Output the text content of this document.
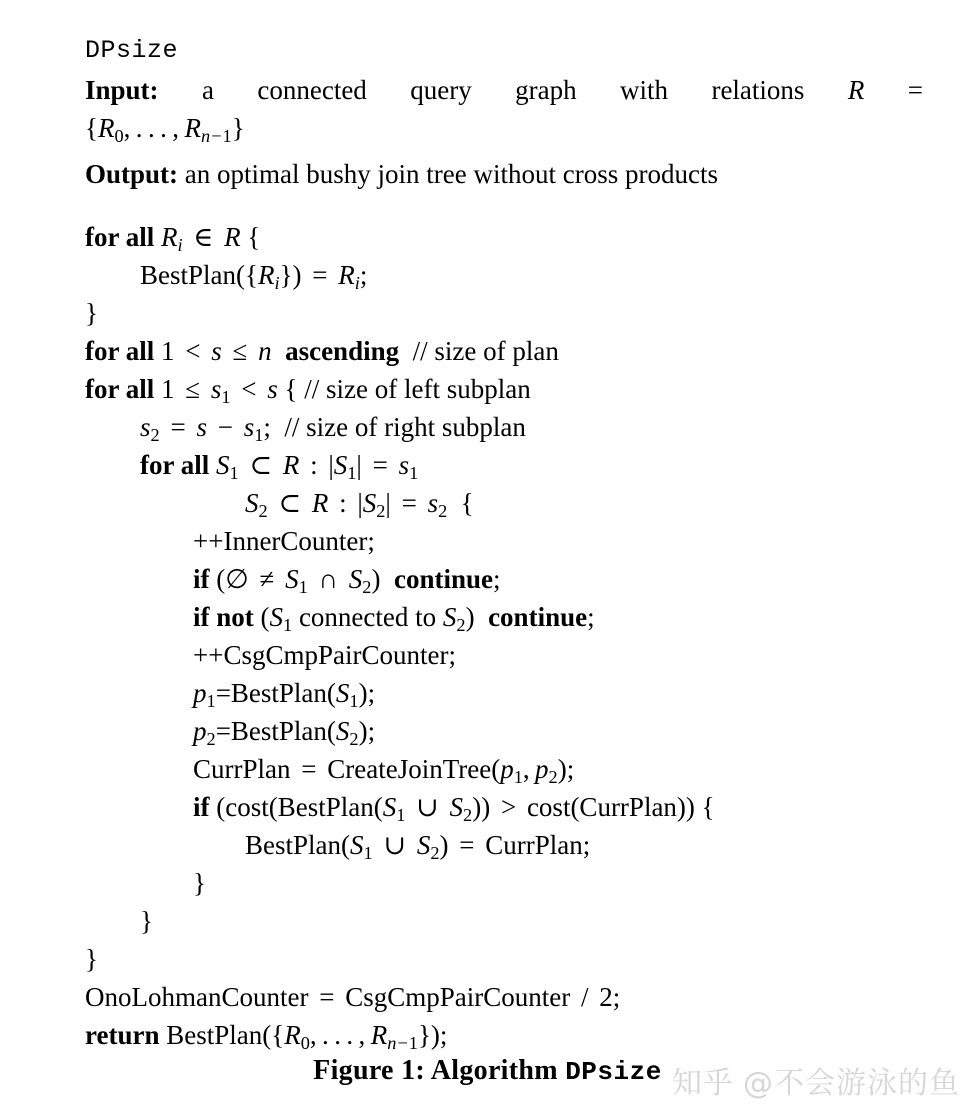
DPsize
Input: a connected query graph with relations R =
{R0, . . . , Rn−1}
Output: an optimal bushy join tree without cross products
for all Ri ∈ R {
BestPlan({Ri}) = Ri;
}
for all 1 < s ≤ n  ascending  // size of plan
for all 1 ≤ s1 < s { // size of left subplan
s2 = s − s1;  // size of right subplan
for all S1 ⊂ R : |S1| = s1
S2 ⊂ R : |S2| = s2  {
++InnerCounter;
if (∅ ≠ S1 ∩ S2)  continue;
if not (S1 connected to S2)  continue;
++CsgCmpPairCounter;
p1=BestPlan(S1);
p2=BestPlan(S2);
CurrPlan = CreateJoinTree(p1, p2);
if (cost(BestPlan(S1 ∪ S2)) > cost(CurrPlan)) {
BestPlan(S1 ∪ S2) = CurrPlan;
}
}
}
OnoLohmanCounter = CsgCmpPairCounter / 2;
return BestPlan({R0, . . . , Rn−1});
Figure 1: Algorithm DPsize 知乎 @不会游泳的鱼
